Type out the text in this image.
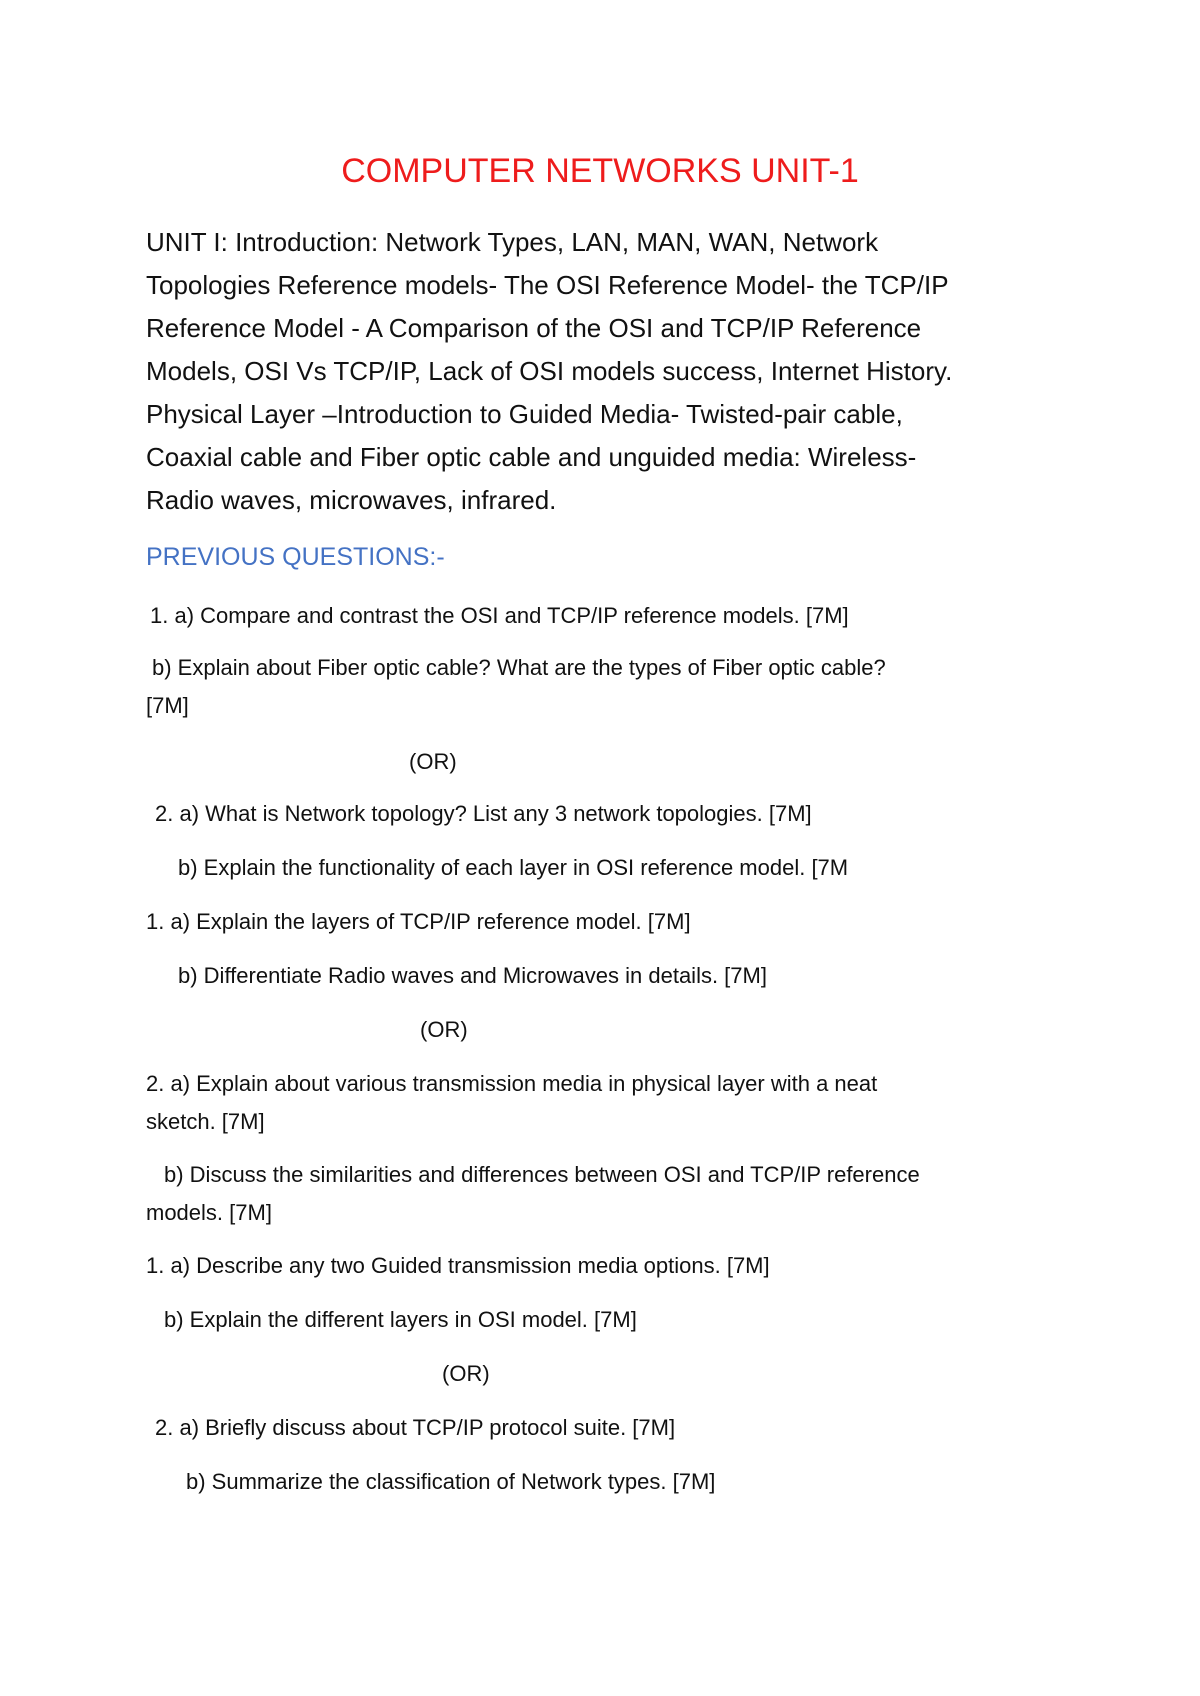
COMPUTER NETWORKS UNIT-1
UNIT I: Introduction: Network Types, LAN, MAN, WAN, Network
Topologies Reference models- The OSI Reference Model- the TCP/IP
Reference Model - A Comparison of the OSI and TCP/IP Reference
Models, OSI Vs TCP/IP, Lack of OSI models success, Internet History.
Physical Layer –Introduction to Guided Media- Twisted-pair cable,
Coaxial cable and Fiber optic cable and unguided media: Wireless-
Radio waves, microwaves, infrared.
PREVIOUS QUESTIONS:-
1. a) Compare and contrast the OSI and TCP/IP reference models. [7M]
b) Explain about Fiber optic cable? What are the types of Fiber optic cable?
[7M]
(OR)
2. a) What is Network topology? List any 3 network topologies. [7M]
b) Explain the functionality of each layer in OSI reference model. [7M
1. a) Explain the layers of TCP/IP reference model. [7M]
b) Differentiate Radio waves and Microwaves in details. [7M]
(OR)
2. a) Explain about various transmission media in physical layer with a neat
sketch. [7M]
b) Discuss the similarities and differences between OSI and TCP/IP reference
models. [7M]
1. a) Describe any two Guided transmission media options. [7M]
b) Explain the different layers in OSI model. [7M]
(OR)
2. a) Briefly discuss about TCP/IP protocol suite. [7M]
b) Summarize the classification of Network types. [7M]
